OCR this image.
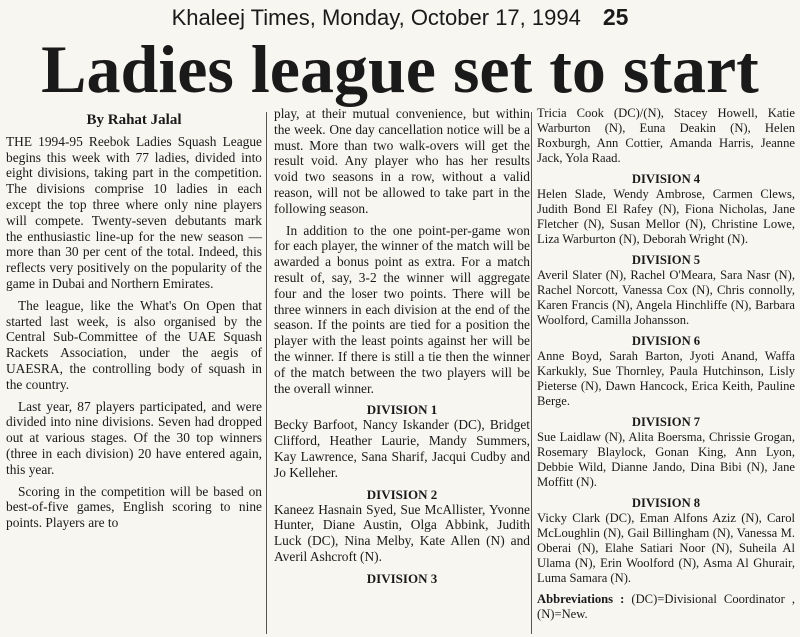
Khaleej Times, Monday, October 17, 1994 25
Ladies league set to start
By Rahat Jalal

THE 1994-95 Reebok Ladies Squash League begins this week with 77 ladies, divided into eight divisions, taking part in the competition. The divisions comprise 10 ladies in each except the top three where only nine players will compete. Twenty-seven debutants mark the enthusiastic line-up for the new season — more than 30 per cent of the total. Indeed, this reflects very positively on the popularity of the game in Dubai and Northern Emirates.

The league, like the What's On Open that started last week, is also organised by the Central Sub-Committee of the UAE Squash Rackets Association, under the aegis of UAESRA, the controlling body of squash in the country.

Last year, 87 players participated, and were divided into nine divisions. Seven had dropped out at various stages. Of the 30 top winners (three in each division) 20 have entered again, this year.

Scoring in the competition will be based on best-of-five games, English scoring to nine points. Players are to

play, at their mutual convenience, but within the week. One day cancellation notice will be a must. More than two walk-overs will get the result void. Any player who has her results void two seasons in a row, without a valid reason, will not be allowed to take part in the following season.

In addition to the one point-per-game won for each player, the winner of the match will be awarded a bonus point as extra. For a match result of, say, 3-2 the winner will aggregate four and the loser two points. There will be three winners in each division at the end of the season. If the points are tied for a position the player with the least points against her will be the winner. If there is still a tie then the winner of the match between the two players will be the overall winner.

DIVISION 1

Becky Barfoot, Nancy Iskander (DC), Bridget Clifford, Heather Laurie, Mandy Summers, Kay Lawrence, Sana Sharif, Jacqui Cudby and Jo Kelleher.

DIVISION 2

Kaneez Hasnain Syed, Sue McAllister, Yvonne Hunter, Diane Austin, Olga Abbink, Judith Luck (DC), Nina Melby, Kate Allen (N) and Averil Ashcroft (N).

DIVISION 3

Tricia Cook (DC)/(N), Stacey Howell, Katie Warburton (N), Euna Deakin (N), Helen Roxburgh, Ann Cottier, Amanda Harris, Jeanne Jack, Yola Raad.

DIVISION 4

Helen Slade, Wendy Ambrose, Carmen Clews, Judith Bond El Rafey (N), Fiona Nicholas, Jane Fletcher (N), Susan Mellor (N), Christine Lowe, Liza Warburton (N), Deborah Wright (N).

DIVISION 5

Averil Slater (N), Rachel O'Meara, Sara Nasr (N), Rachel Norcott, Vanessa Cox (N), Chris connolly, Karen Francis (N), Angela Hinchliffe (N), Barbara Woolford, Camilla Johansson.

DIVISION 6

Anne Boyd, Sarah Barton, Jyoti Anand, Waffa Karkukly, Sue Thornley, Paula Hutchinson, Lisly Pieterse (N), Dawn Hancock, Erica Keith, Pauline Berge.

DIVISION 7

Sue Laidlaw (N), Alita Boersma, Chrissie Grogan, Rosemary Blaylock, Gonan King, Ann Lyon, Debbie Wild, Dianne Jando, Dina Bibi (N), Jane Moffitt (N).

DIVISION 8

Vicky Clark (DC), Eman Alfons Aziz (N), Carol McLoughlin (N), Gail Billingham (N), Vanessa M. Oberai (N), Elahe Satiari Noor (N), Suheila Al Ulama (N), Erin Woolford (N), Asma Al Ghurair, Luma Samara (N).

Abbreviations : (DC)=Divisional Coordinator , (N)=New.
